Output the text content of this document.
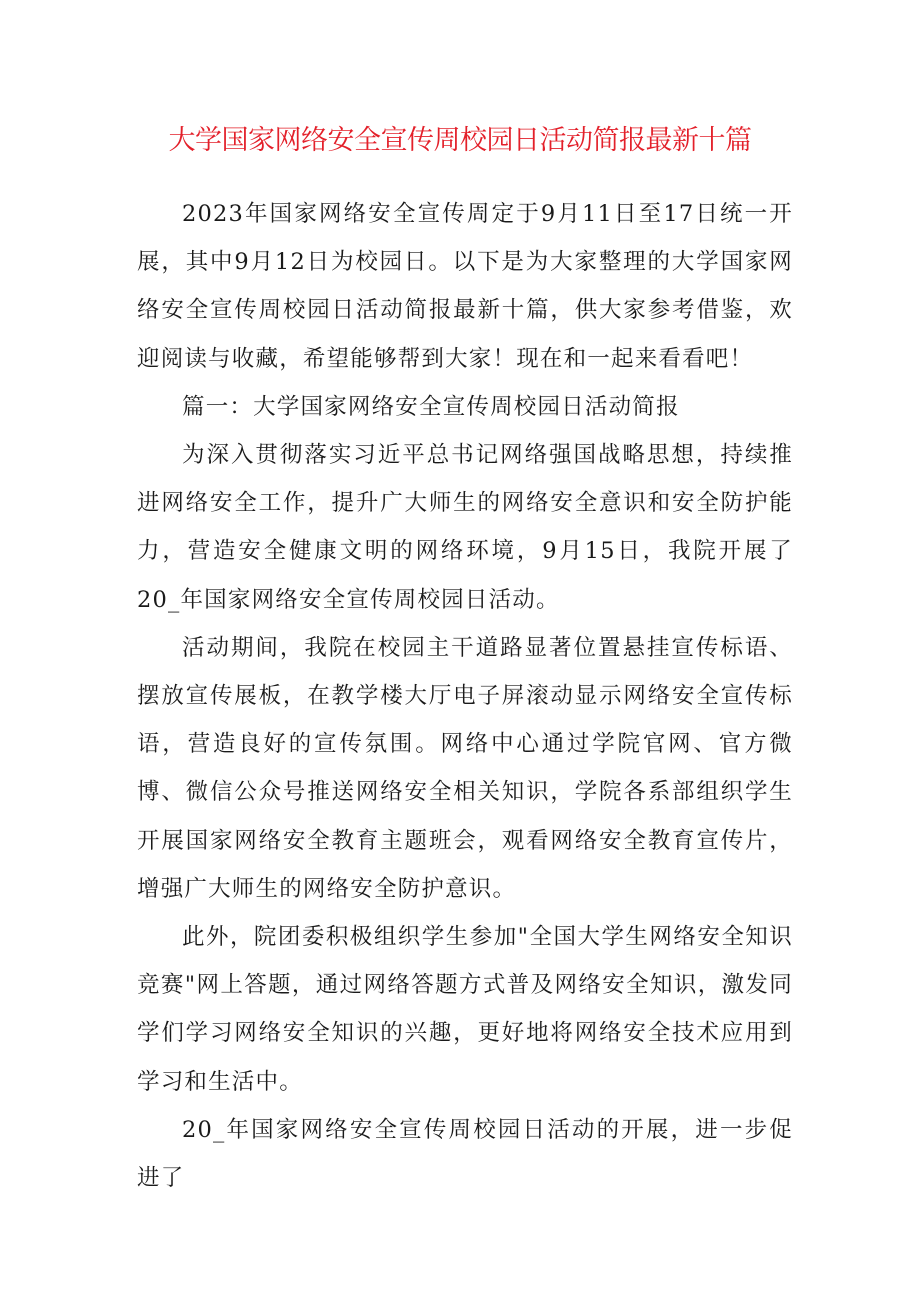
大学国家网络安全宣传周校园日活动简报最新十篇

2023年国家网络安全宣传周定于9月11日至17日统一开展，其中9月12日为校园日。以下是为大家整理的大学国家网络安全宣传周校园日活动简报最新十篇，供大家参考借鉴，欢迎阅读与收藏，希望能够帮到大家！现在和一起来看看吧！

篇一：大学国家网络安全宣传周校园日活动简报

为深入贯彻落实习近平总书记网络强国战略思想，持续推进网络安全工作，提升广大师生的网络安全意识和安全防护能力，营造安全健康文明的网络环境，9月15日，我院开展了20_年国家网络安全宣传周校园日活动。

活动期间，我院在校园主干道路显著位置悬挂宣传标语、摆放宣传展板，在教学楼大厅电子屏滚动显示网络安全宣传标语，营造良好的宣传氛围。网络中心通过学院官网、官方微博、微信公众号推送网络安全相关知识，学院各系部组织学生开展国家网络安全教育主题班会，观看网络安全教育宣传片，增强广大师生的网络安全防护意识。

此外，院团委积极组织学生参加"全国大学生网络安全知识竞赛"网上答题，通过网络答题方式普及网络安全知识，激发同学们学习网络安全知识的兴趣，更好地将网络安全技术应用到学习和生活中。

20_年国家网络安全宣传周校园日活动的开展，进一步促进了
